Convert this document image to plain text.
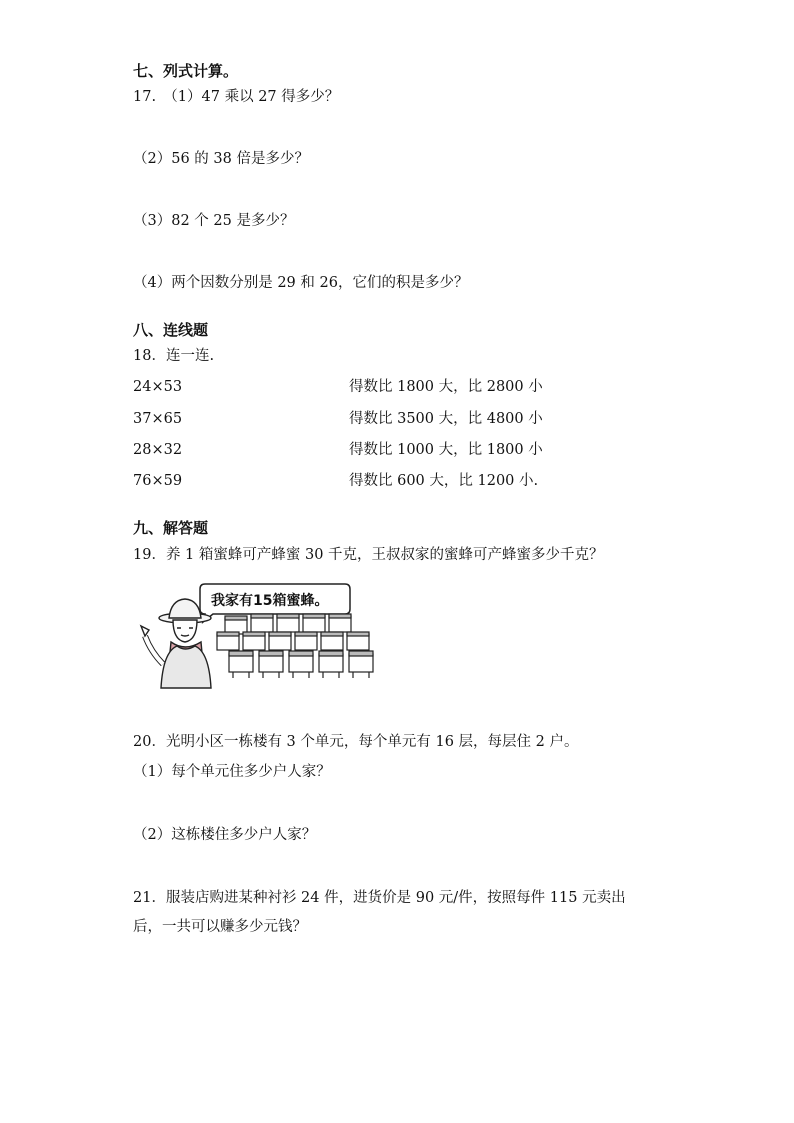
七、列式计算。
17.　（1）47 乘以 27 得多少？
（2）56 的 38 倍是多少？
（3）82 个 25 是多少？
（4）两个因数分别是 29 和 26，它们的积是多少？
八、连线题
18．连一连.
24×53	得数比 1800 大，比 2800 小
37×65	得数比 3500 大，比 4800 小
28×32	得数比 1000 大，比 1800 小
76×59	得数比 600 大，比 1200 小.
九、解答题
19．养 1 箱蜜蜂可产蜂蜜 30 千克，王叔叔家的蜜蜂可产蜂蜜多少千克？
我家有15箱蜜蜂。
20．光明小区一栋楼有 3 个单元，每个单元有 16 层，每层住 2 户。
（1）每个单元住多少户人家？
（2）这栋楼住多少户人家？
21．服装店购进某种衬衫 24 件，进货价是 90 元/件，按照每件 115 元卖出
后，一共可以赚多少元钱？
